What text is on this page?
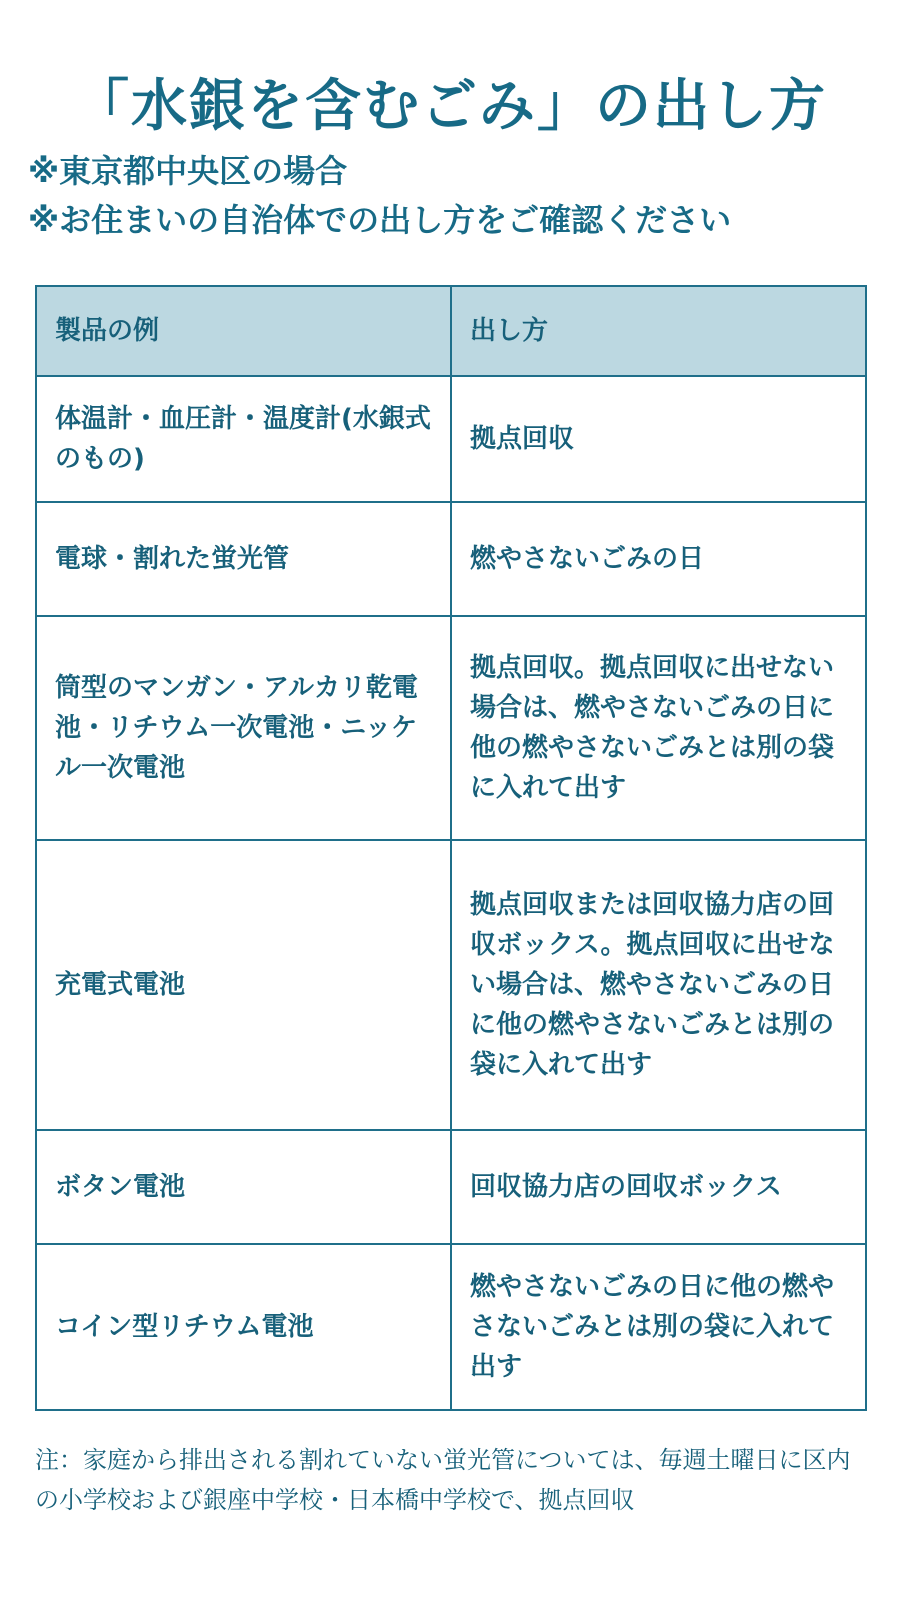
「水銀を含むごみ」の出し方
※東京都中央区の場合
※お住まいの自治体での出し方をご確認ください
製品の例	出し方
体温計・血圧計・温度計(水銀式のもの)	拠点回収
電球・割れた蛍光管	燃やさないごみの日
筒型のマンガン・アルカリ乾電池・リチウム一次電池・ニッケル一次電池	拠点回収。拠点回収に出せない場合は、燃やさないごみの日に他の燃やさないごみとは別の袋に入れて出す
充電式電池	拠点回収または回収協力店の回収ボックス。拠点回収に出せない場合は、燃やさないごみの日に他の燃やさないごみとは別の袋に入れて出す
ボタン電池	回収協力店の回収ボックス
コイン型リチウム電池	燃やさないごみの日に他の燃やさないごみとは別の袋に入れて出す
注：家庭から排出される割れていない蛍光管については、毎週土曜日に区内の小学校および銀座中学校・日本橋中学校で、拠点回収
